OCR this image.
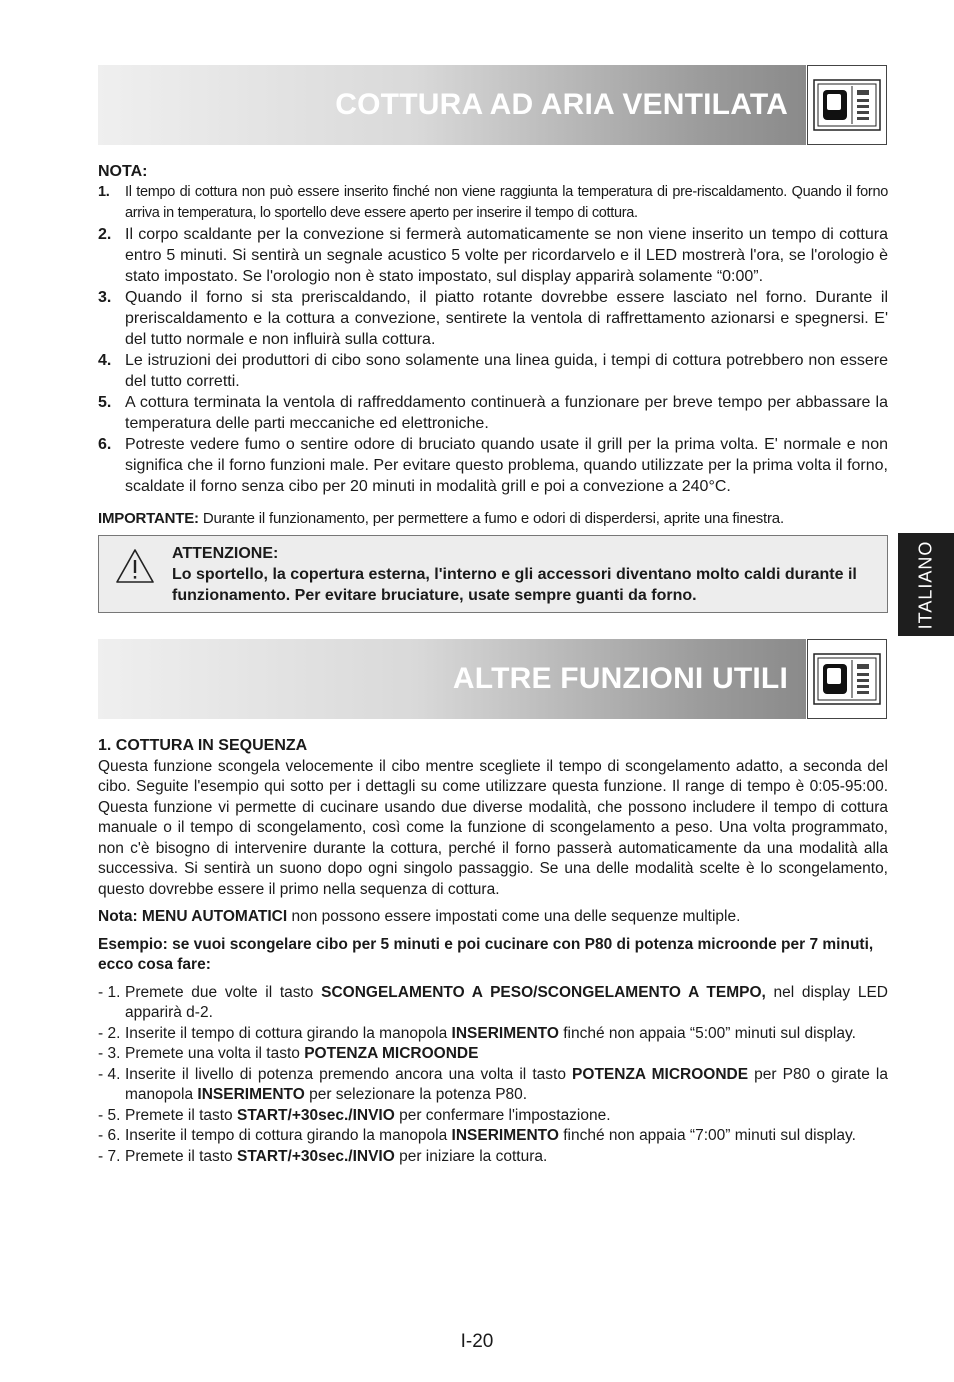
COTTURA AD ARIA VENTILATA
NOTA:
1. Il tempo di cottura non può essere inserito finché non viene raggiunta la temperatura di pre-riscaldamento. Quando il forno arriva in temperatura, lo sportello deve essere aperto per inserire il tempo di cottura.
2. Il corpo scaldante per la convezione si fermerà automaticamente se non viene inserito un tempo di cottura entro 5 minuti. Si sentirà un segnale acustico 5 volte per ricordarvelo e il LED mostrerà l'ora, se l'orologio è stato impostato. Se l'orologio non è stato impostato, sul display apparirà solamente “0:00”.
3. Quando il forno si sta preriscaldando, il piatto rotante dovrebbe essere lasciato nel forno. Durante il preriscaldamento e la cottura a convezione, sentirete la ventola di raffrettamento azionarsi e spegnersi. E' del tutto normale e non influirà sulla cottura.
4. Le istruzioni dei produttori di cibo sono solamente una linea guida, i tempi di cottura potrebbero non essere del tutto corretti.
5. A cottura terminata la ventola di raffreddamento continuerà a funzionare per breve tempo per abbassare la temperatura delle parti meccaniche ed elettroniche.
6. Potreste vedere fumo o sentire odore di bruciato quando usate il grill per la prima volta. E' normale e non significa che il forno funzioni male. Per evitare questo problema, quando utilizzate per la prima volta il forno, scaldate il forno senza cibo per 20 minuti in modalità grill e poi a convezione a 240°C.
IMPORTANTE: Durante il funzionamento, per permettere a fumo e odori di disperdersi, aprite una finestra.
ATTENZIONE:
Lo sportello, la copertura esterna, l'interno e gli accessori diventano molto caldi durante il funzionamento. Per evitare bruciature, usate sempre guanti da forno.	ITALIANO
ALTRE FUNZIONI UTILI
1. COTTURA IN SEQUENZA

Questa funzione scongela velocemente il cibo mentre scegliete il tempo di scongelamento adatto, a seconda del cibo. Seguite l'esempio qui sotto per i dettagli su come utilizzare questa funzione. Il range di tempo è 0:05-95:00. Questa funzione vi permette di cucinare usando due diverse modalità, che possono includere il tempo di cottura manuale o il tempo di scongelamento, così come la funzione di scongelamento a peso. Una volta programmato, non c'è bisogno di intervenire durante la cottura, perché il forno passerà automaticamente da una modalità alla successiva. Si sentirà un suono dopo ogni singolo passaggio. Se una delle modalità scelte è lo scongelamento, questo dovrebbe essere il primo nella sequenza di cottura.

Nota: MENU AUTOMATICI non possono essere impostati come una delle sequenze multiple.

Esempio: se vuoi scongelare cibo per 5 minuti e poi cucinare con P80 di potenza microonde per 7 minuti, ecco cosa fare:

- 1. Premete due volte il tasto SCONGELAMENTO A PESO/SCONGELAMENTO A TEMPO, nel display LED apparirà d-2.
- 2. Inserite il tempo di cottura girando la manopola INSERIMENTO finché non appaia “5:00” minuti sul display.
- 3. Premete una volta il tasto POTENZA MICROONDE
- 4. Inserite il livello di potenza premendo ancora una volta il tasto POTENZA MICROONDE per P80 o girate la manopola INSERIMENTO per selezionare la potenza P80.
- 5. Premete il tasto START/+30sec./INVIO per confermare l'impostazione.
- 6. Inserite il tempo di cottura girando la manopola INSERIMENTO finché non appaia “7:00” minuti sul display.
- 7. Premete il tasto START/+30sec./INVIO per iniziare la cottura.
I-20
